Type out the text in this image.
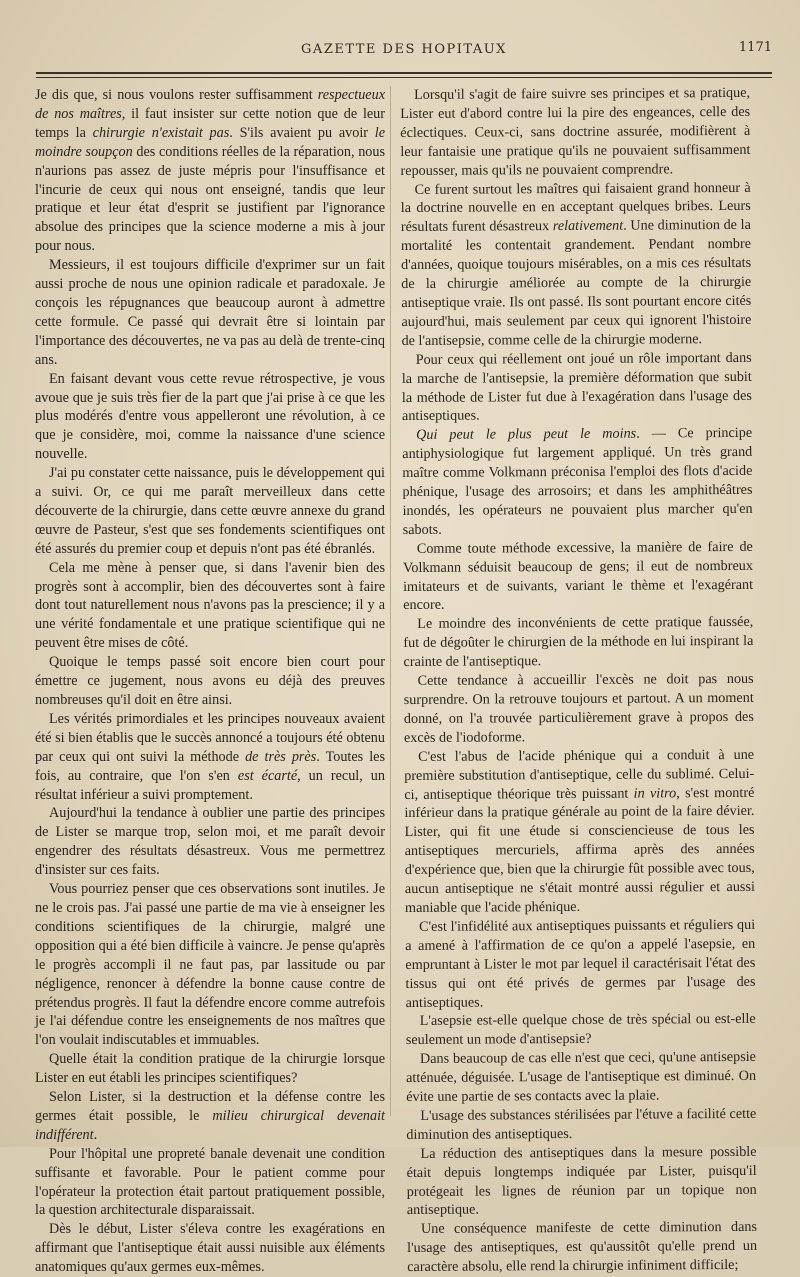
GAZETTE DES HOPITAUX	1171

Je dis que, si nous voulons rester suffisamment respectueux de nos maîtres, il faut insister sur cette notion que de leur temps la chirurgie n'existait pas. S'ils avaient pu avoir le moindre soupçon des conditions réelles de la réparation, nous n'aurions pas assez de juste mépris pour l'insuffisance et l'incurie de ceux qui nous ont enseigné, tandis que leur pratique et leur état d'esprit se justifient par l'ignorance absolue des principes que la science moderne a mis à jour pour nous.

Messieurs, il est toujours difficile d'exprimer sur un fait aussi proche de nous une opinion radicale et paradoxale. Je conçois les répugnances que beaucoup auront à admettre cette formule. Ce passé qui devrait être si lointain par l'importance des découvertes, ne va pas au delà de trente-cinq ans.

En faisant devant vous cette revue rétrospective, je vous avoue que je suis très fier de la part que j'ai prise à ce que les plus modérés d'entre vous appelleront une révolution, à ce que je considère, moi, comme la naissance d'une science nouvelle.

J'ai pu constater cette naissance, puis le développement qui a suivi. Or, ce qui me paraît merveilleux dans cette découverte de la chirurgie, dans cette œuvre annexe du grand œuvre de Pasteur, s'est que ses fondements scientifiques ont été assurés du premier coup et depuis n'ont pas été ébranlés.

Cela me mène à penser que, si dans l'avenir bien des progrès sont à accomplir, bien des découvertes sont à faire dont tout naturellement nous n'avons pas la prescience; il y a une vérité fondamentale et une pratique scientifique qui ne peuvent être mises de côté.

Quoique le temps passé soit encore bien court pour émettre ce jugement, nous avons eu déjà des preuves nombreuses qu'il doit en être ainsi.

Les vérités primordiales et les principes nouveaux avaient été si bien établis que le succès annoncé a toujours été obtenu par ceux qui ont suivi la méthode de très près. Toutes les fois, au contraire, que l'on s'en est écarté, un recul, un résultat inférieur a suivi promptement.

Aujourd'hui la tendance à oublier une partie des principes de Lister se marque trop, selon moi, et me paraît devoir engendrer des résultats désastreux. Vous me permettrez d'insister sur ces faits.

Vous pourriez penser que ces observations sont inutiles. Je ne le crois pas. J'ai passé une partie de ma vie à enseigner les conditions scientifiques de la chirurgie, malgré une opposition qui a été bien difficile à vaincre. Je pense qu'après le progrès accompli il ne faut pas, par lassitude ou par négligence, renoncer à défendre la bonne cause contre de prétendus progrès. Il faut la défendre encore comme autrefois je l'ai défendue contre les enseignements de nos maîtres que l'on voulait indiscutables et immuables.

Quelle était la condition pratique de la chirurgie lorsque Lister en eut établi les principes scientifiques?

Selon Lister, si la destruction et la défense contre les germes était possible, le milieu chirurgical devenait indifférent.

Pour l'hôpital une propreté banale devenait une condition suffisante et favorable. Pour le patient comme pour l'opérateur la protection était partout pratiquement possible, la question architecturale disparaissait.

Dès le début, Lister s'éleva contre les exagérations en affirmant que l'antiseptique était aussi nuisible aux éléments anatomiques qu'aux germes eux-mêmes.

Lorsqu'il s'agit de faire suivre ses principes et sa pratique, Lister eut d'abord contre lui la pire des engeances, celle des éclectiques. Ceux-ci, sans doctrine assurée, modifièrent à leur fantaisie une pratique qu'ils ne pouvaient suffisamment repousser, mais qu'ils ne pouvaient comprendre.

Ce furent surtout les maîtres qui faisaient grand honneur à la doctrine nouvelle en en acceptant quelques bribes. Leurs résultats furent désastreux relativement. Une diminution de la mortalité les contentait grandement. Pendant nombre d'années, quoique toujours misérables, on a mis ces résultats de la chirurgie améliorée au compte de la chirurgie antiseptique vraie. Ils ont passé. Ils sont pourtant encore cités aujourd'hui, mais seulement par ceux qui ignorent l'histoire de l'antisepsie, comme celle de la chirurgie moderne.

Pour ceux qui réellement ont joué un rôle important dans la marche de l'antisepsie, la première déformation que subit la méthode de Lister fut due à l'exagération dans l'usage des antiseptiques.

Qui peut le plus peut le moins. — Ce principe antiphysiologique fut largement appliqué. Un très grand maître comme Volkmann préconisa l'emploi des flots d'acide phénique, l'usage des arrosoirs; et dans les amphithéâtres inondés, les opérateurs ne pouvaient plus marcher qu'en sabots.

Comme toute méthode excessive, la manière de faire de Volkmann séduisit beaucoup de gens; il eut de nombreux imitateurs et de suivants, variant le thème et l'exagérant encore.

Le moindre des inconvénients de cette pratique faussée, fut de dégoûter le chirurgien de la méthode en lui inspirant la crainte de l'antiseptique.

Cette tendance à accueillir l'excès ne doit pas nous surprendre. On la retrouve toujours et partout. A un moment donné, on l'a trouvée particulièrement grave à propos des excès de l'iodoforme.

C'est l'abus de l'acide phénique qui a conduit à une première substitution d'antiseptique, celle du sublimé. Celui-ci, antiseptique théorique très puissant in vitro, s'est montré inférieur dans la pratique générale au point de la faire dévier. Lister, qui fit une étude si consciencieuse de tous les antiseptiques mercuriels, affirma après des années d'expérience que, bien que la chirurgie fût possible avec tous, aucun antiseptique ne s'était montré aussi régulier et aussi maniable que l'acide phénique.

C'est l'infidélité aux antiseptiques puissants et réguliers qui a amené à l'affirmation de ce qu'on a appelé l'asepsie, en empruntant à Lister le mot par lequel il caractérisait l'état des tissus qui ont été privés de germes par l'usage des antiseptiques.

L'asepsie est-elle quelque chose de très spécial ou est-elle seulement un mode d'antisepsie?

Dans beaucoup de cas elle n'est que ceci, qu'une antisepsie atténuée, déguisée. L'usage de l'antiseptique est diminué. On évite une partie de ses contacts avec la plaie.

L'usage des substances stérilisées par l'étuve a facilité cette diminution des antiseptiques.

La réduction des antiseptiques dans la mesure possible était depuis longtemps indiquée par Lister, puisqu'il protégeait les lignes de réunion par un topique non antiseptique.

Une conséquence manifeste de cette diminution dans l'usage des antiseptiques, est qu'aussitôt qu'elle prend un caractère absolu, elle rend la chirurgie infiniment difficile;
